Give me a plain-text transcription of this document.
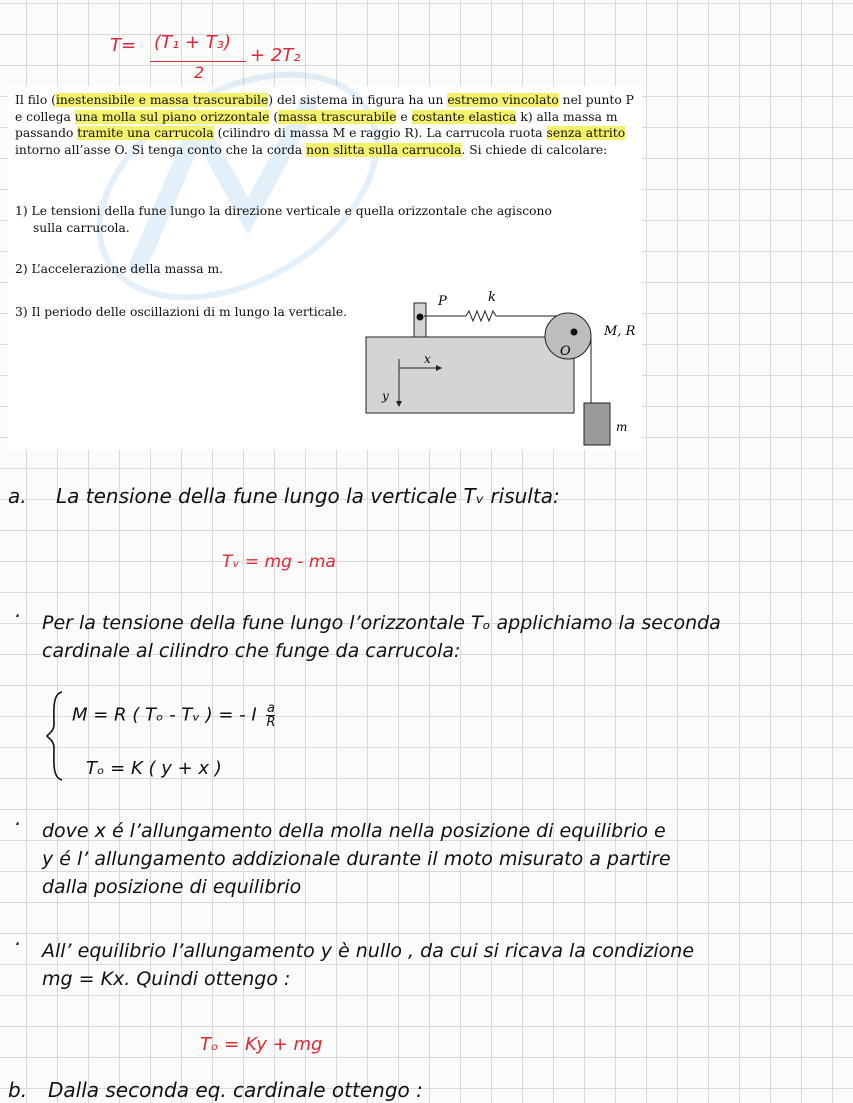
T= (T₁ + T₃)
2
+ 2T₂

Il filo (inestensibile e massa trascurabile) del sistema in figura ha un estremo vincolato nel punto P e collega una molla sul piano orizzontale (massa trascurabile e costante elastica k) alla massa m passando tramite una carrucola (cilindro di massa M e raggio R). La carrucola ruota senza attrito intorno all’asse O. Si tenga conto che la corda non slitta sulla carrucola. Si chiede di calcolare:

1) Le tensioni della fune lungo la direzione verticale e quella orizzontale che agiscono
sulla carrucola.

2) L’accelerazione della massa m.

3) Il periodo delle oscillazioni di m lungo la verticale.

P	k
M, R
O
x
y
m
a. La tensione della fune lungo la verticale Tᵥ risulta:
Tᵥ = mg - ma
· Per la tensione della fune lungo l’orizzontale Tₒ applichiamo la seconda
cardinale al cilindro che funge da carrucola:
M = R ( Tₒ - Tᵥ ) = - I $\frac{a}{R}$
Tₒ = K ( y + x )
· dove x é l’allungamento della molla nella posizione di equilibrio e
y é l’ allungamento addizionale durante il moto misurato a partire
dalla posizione di equilibrio
· All’ equilibrio l’allungamento y è nullo , da cui si ricava la condizione
mg = Kx. Quindi ottengo :
Tₒ = Ky + mg
b. Dalla seconda eq. cardinale ottengo :
